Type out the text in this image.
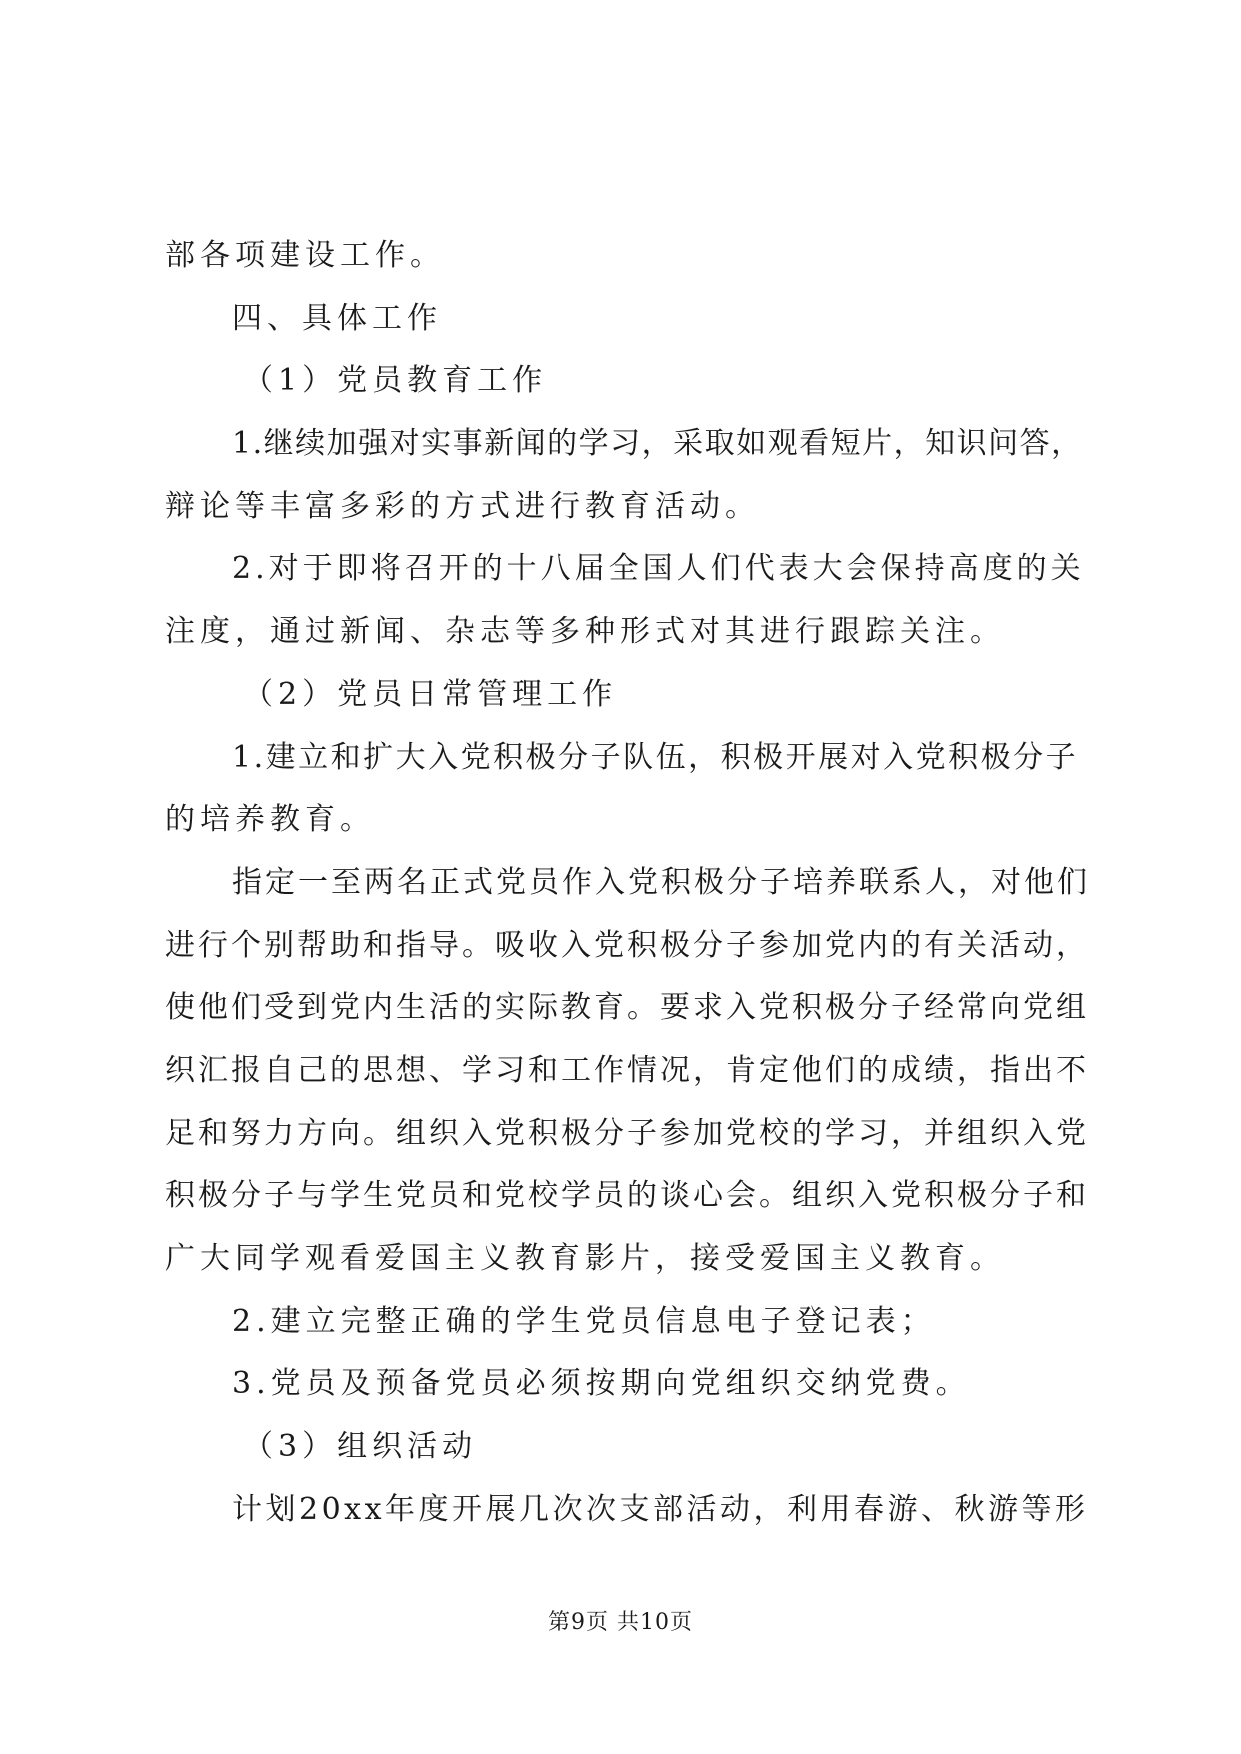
部各项建设工作。
四、具体工作
（1）党员教育工作
1.继续加强对实事新闻的学习，采取如观看短片，知识问答，
辩论等丰富多彩的方式进行教育活动。
2.对于即将召开的十八届全国人们代表大会保持高度的关
注度，通过新闻、杂志等多种形式对其进行跟踪关注。
（2）党员日常管理工作
1.建立和扩大入党积极分子队伍，积极开展对入党积极分子
的培养教育。
指定一至两名正式党员作入党积极分子培养联系人，对他们
进行个别帮助和指导。吸收入党积极分子参加党内的有关活动，
使他们受到党内生活的实际教育。要求入党积极分子经常向党组
织汇报自己的思想、学习和工作情况，肯定他们的成绩，指出不
足和努力方向。组织入党积极分子参加党校的学习，并组织入党
积极分子与学生党员和党校学员的谈心会。组织入党积极分子和
广大同学观看爱国主义教育影片，接受爱国主义教育。
2.建立完整正确的学生党员信息电子登记表；
3.党员及预备党员必须按期向党组织交纳党费。
（3）组织活动
计划20xx年度开展几次次支部活动，利用春游、秋游等形
第9页 共10页
